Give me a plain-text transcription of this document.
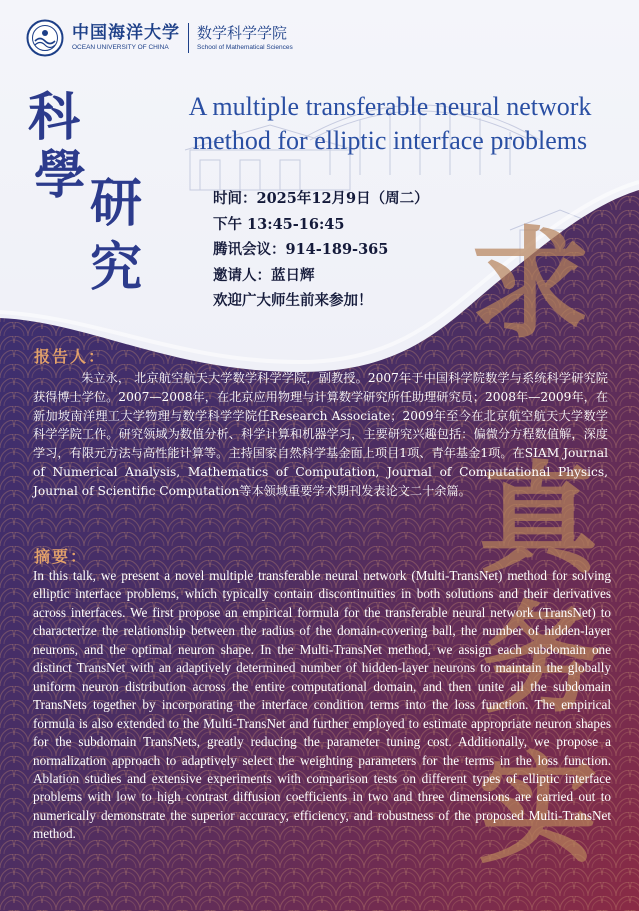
中国海洋大学
OCEAN UNIVERSITY OF CHINA
数学科学学院
School of Mathematical Sciences
科
學 研
究
A multiple transferable neural network
method for elliptic interface problems
时间：2025年12月9日（周二）
下午 13:45-16:45
腾讯会议：914-189-365
邀请人：蓝日辉
欢迎广大师生前来参加！ 求
真
务
实
报告人：
朱立永， 北京航空航天大学数学科学学院，副教授。2007年于中国科学院数学与系统科学研究院获得博士学位。2007—2008年，在北京应用物理与计算数学研究所任助理研究员；2008年—2009年，在新加坡南洋理工大学物理与数学科学学院任Research Associate；2009年至今在北京航空航天大学数学科学学院工作。研究领域为数值分析、科学计算和机器学习，主要研究兴趣包括：偏微分方程数值解，深度学习，有限元方法与高性能计算等。主持国家自然科学基金面上项目1项、青年基金1项。在SIAM Journal of Numerical Analysis, Mathematics of Computation, Journal of Computational Physics, Journal of Scientific Computation等本领域重要学术期刊发表论文二十余篇。
摘要：
In this talk, we present a novel multiple transferable neural network (Multi-TransNet) method for solving elliptic interface problems, which typically contain discontinuities in both solutions and their derivatives across interfaces. We first propose an empirical formula for the transferable neural network (TransNet) to characterize the relationship between the radius of the domain-covering ball, the number of hidden-layer neurons, and the optimal neuron shape. In the Multi-TransNet method, we assign each subdomain one distinct TransNet with an adaptively determined number of hidden-layer neurons to maintain the globally uniform neuron distribution across the entire computational domain, and then unite all the subdomain TransNets together by incorporating the interface condition terms into the loss function. The empirical formula is also extended to the Multi-TransNet and further employed to estimate appropriate neuron shapes for the subdomain TransNets, greatly reducing the parameter tuning cost. Additionally, we propose a normalization approach to adaptively select the weighting parameters for the terms in the loss function. Ablation studies and extensive experiments with comparison tests on different types of elliptic interface problems with low to high contrast diffusion coefficients in two and three dimensions are carried out to numerically demonstrate the superior accuracy, efficiency, and robustness of the proposed Multi-TransNet method.
